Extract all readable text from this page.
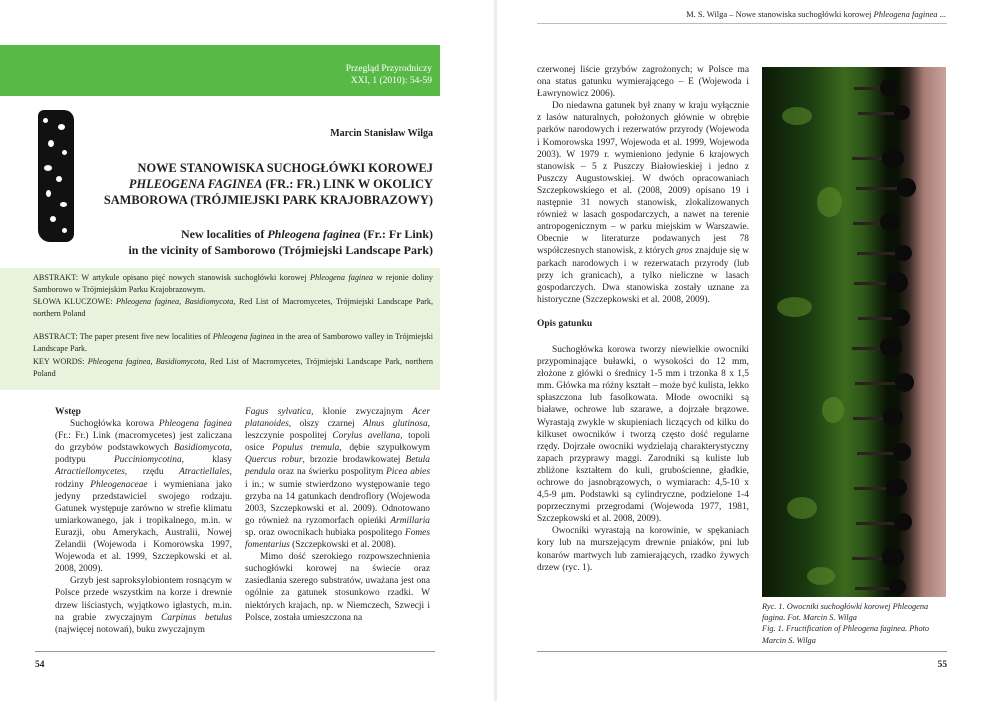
Przegląd Przyrodniczy
XXI, 1 (2010): 54-59
Marcin Stanisław Wilga
NOWE STANOWISKA SUCHOGŁÓWKI KOROWEJ
PHLEOGENA FAGINEA (FR.: FR.) LINK W OKOLICY
SAMBOROWA (TRÓJMIEJSKI PARK KRAJOBRAZOWY)
New localities of Phleogena faginea (Fr.: Fr Link)
in the vicinity of Samborowo (Trójmiejski Landscape Park)
ABSTRAKT: W artykule opisano pięć nowych stanowisk suchogłówki korowej Phleogena faginea w rejonie doliny Samborowo w Trójmiejskim Parku Krajobrazowym.
SŁOWA KLUCZOWE: Phleogena faginea, Basidiomycota, Red List of Macromycetes, Trójmiejski Landscape Park, northern Poland
ABSTRACT: The paper present five new localities of Phleogena faginea in the area of Samborowo valley in Trójmiejski Landscape Park.
KEY WORDS: Phleogena faginea, Basidiomycota, Red List of Macromycetes, Trójmiejski Landscape Park, northern Poland

Wstęp

Suchogłówka korowa Phleogena faginea (Fr.: Fr.) Link (macromycetes) jest zaliczana do grzybów podstawkowych Basidiomycota, podtypu Pucciniomycotina, klasy Atractiellomycetes, rzędu Atractiellales, rodziny Phleogenaceae i wymieniana jako jedyny przedstawiciel swojego rodzaju. Gatunek występuje zarówno w strefie klimatu umiarkowanego, jak i tropikalnego, m.in. w Eurazji, obu Amerykach, Australii, Nowej Zelandii (Wojewoda i Komorowska 1997, Wojewoda et al. 1999, Szczepkowski et al. 2008, 2009).

Grzyb jest saproksylobiontem rosnącym w Polsce przede wszystkim na korze i drewnie drzew liściastych, wyjątkowo iglastych, m.in. na grabie zwyczajnym Carpinus betulus (najwięcej notowań), buku zwyczajnym

Fagus sylvatica, klonie zwyczajnym Acer platanoides, olszy czarnej Alnus glutinosa, leszczynie pospolitej Corylus avellana, topoli osice Populus tremula, dębie szypułkowym Quercus robur, brzozie brodawkowatej Betula pendula oraz na świerku pospolitym Picea abies i in.; w sumie stwierdzono występowanie tego grzyba na 14 gatunkach dendroflory (Wojewoda 2003, Szczepkowski et al. 2009). Odnotowano go również na ryzomorfach opieńki Armillaria sp. oraz owocnikach hubiaka pospolitego Fomes fomentarius (Szczepkowski et al. 2008).

Mimo dość szerokiego rozpowszechnienia suchogłówki korowej na świecie oraz zasiedlania szerego substratów, uważana jest ona ogólnie za gatunek stosunkowo rzadki. W niektórych krajach, np. w Niemczech, Szwecji i Polsce, została umieszczona na

54
M. S. Wilga – Nowe stanowiska suchogłówki korowej Phleogena faginea ...

czerwonej liście grzybów zagrożonych; w Polsce ma ona status gatunku wymierającego – E (Wojewoda i Ławrynowicz 2006).

Do niedawna gatunek był znany w kraju wyłącznie z lasów naturalnych, położonych głównie w obrębie parków narodowych i rezerwatów przyrody (Wojewoda i Komorowska 1997, Wojewoda et al. 1999, Wojewoda 2003). W 1979 r. wymieniono jedynie 6 krajowych stanowisk – 5 z Puszczy Białowieskiej i jedno z Puszczy Augustowskiej. W dwóch opracowaniach Szczepkowskiego et al. (2008, 2009) opisano 19 i następnie 31 nowych stanowisk, zlokalizowanych również w lasach gospodarczych, a nawet na terenie antropogenicznym – w parku miejskim w Warszawie. Obecnie w literaturze podawanych jest 78 współczesnych stanowisk, z których gros znajduje się w parkach narodowych i w rezerwatach przyrody (lub przy ich granicach), a tylko nieliczne w lasach gospodarczych. Dwa stanowiska zostały uznane za historyczne (Szczepkowski et al. 2008, 2009).

Opis gatunku

Suchogłówka korowa tworzy niewielkie owocniki przypominające buławki, o wysokości do 12 mm, złożone z główki o średnicy 1-5 mm i trzonka 8 x 1,5 mm. Główka ma różny kształt – może być kulista, lekko spłaszczona lub fasolkowata. Młode owocniki są białawe, ochrowe lub szarawe, a dojrzałe brązowe. Wyrastają zwykle w skupieniach liczących od kilku do kilkuset owocników i tworzą często dość regularne rzędy. Dojrzałe owocniki wydzielają charakterystyczny zapach przyprawy maggi. Zarodniki są kuliste lub zbliżone kształtem do kuli, grubościenne, gładkie, ochrowe do jasnobrązowych, o wymiarach: 4,5-10 x 4,5-9 μm. Podstawki są cylindryczne, podzielone 1-4 poprzecznymi przegrodami (Wojewoda 1977, 1981, Szczepkowski et al. 2008, 2009).

Owocniki wyrastają na korowinie, w spękaniach kory lub na murszejącym drewnie pniaków, pni lub konarów martwych lub zamierających, rzadko żywych drzew (ryc. 1).

Ryc. 1. Owocniki suchogłówki korowej Phleogena fagina. Fot. Marcin S. Wilga
Fig. 1. Fructification of Phleogena faginea. Photo Marcin S. Wilga
55
